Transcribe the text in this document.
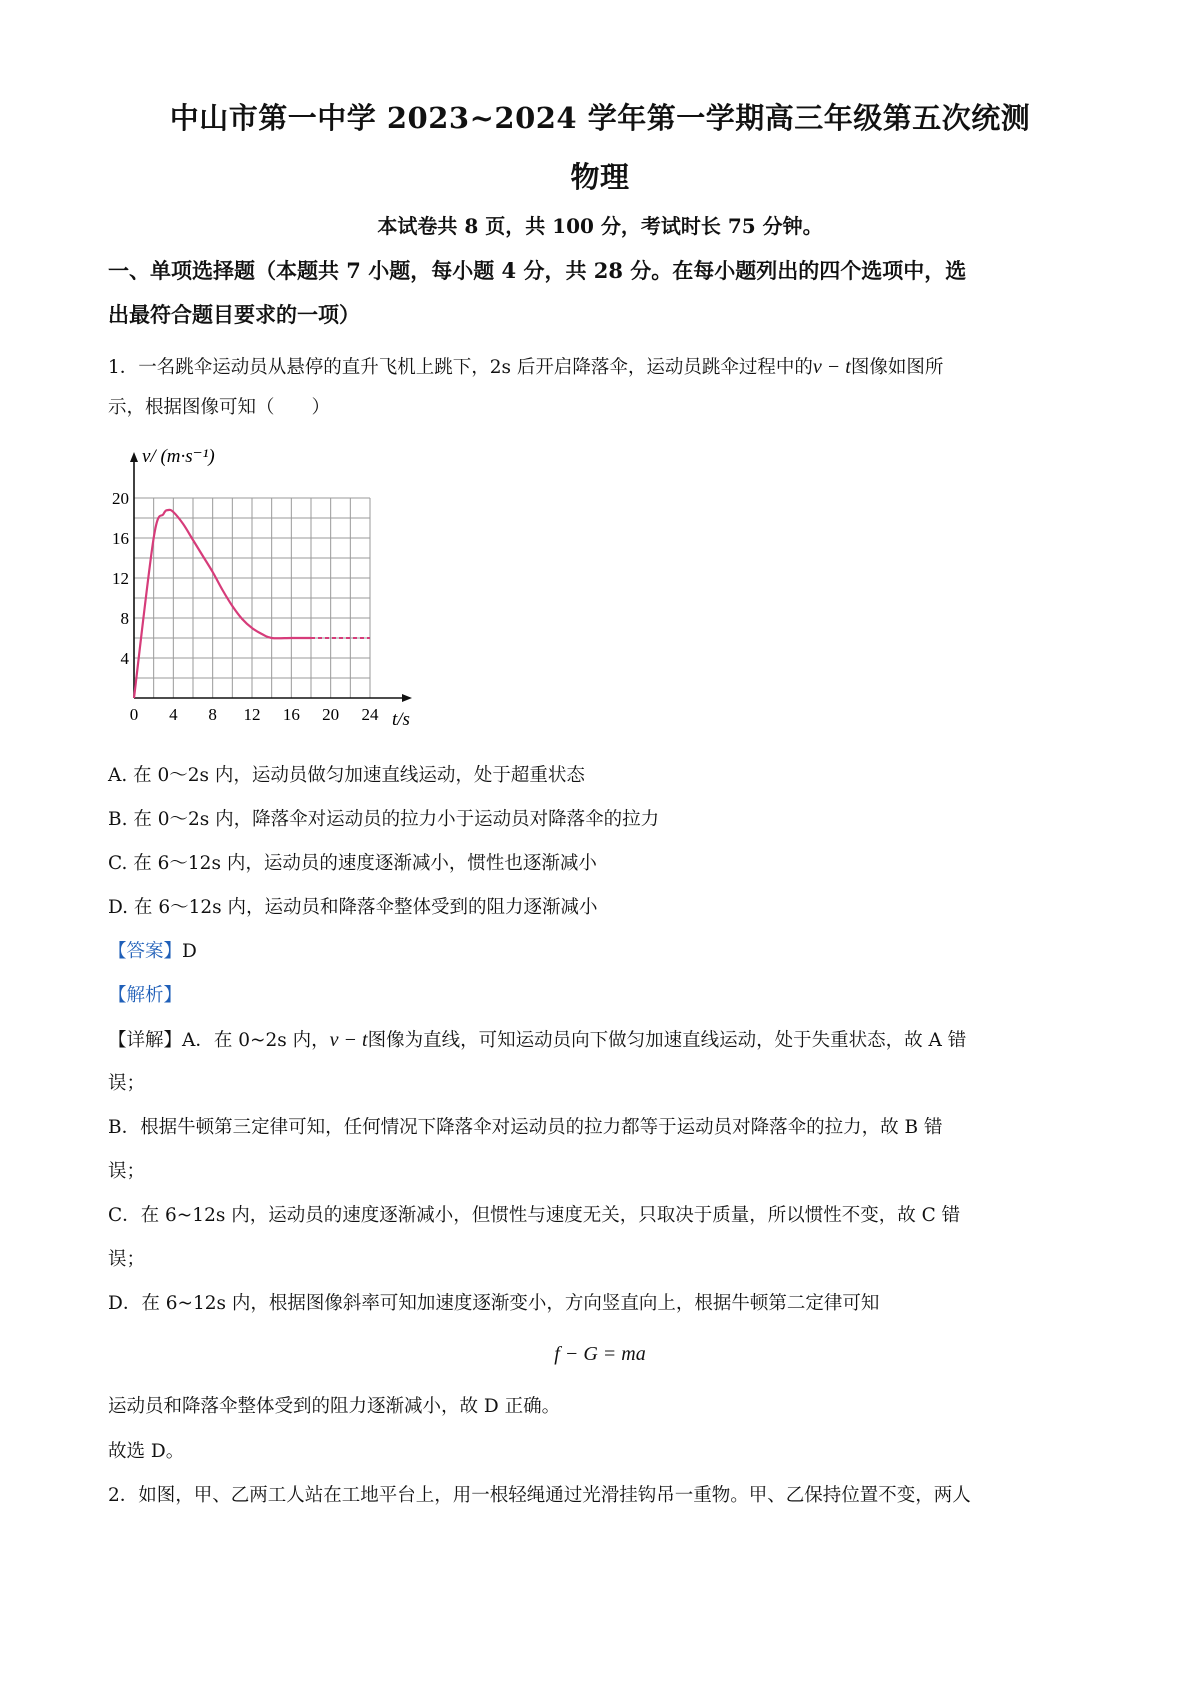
中山市第一中学 2023~2024 学年第一学期高三年级第五次统测
物理
本试卷共 8 页，共 100 分，考试时长 75 分钟。
一、单项选择题（本题共 7 小题，每小题 4 分，共 28 分。在每小题列出的四个选项中，选
出最符合题目要求的一项）
1．一名跳伞运动员从悬停的直升飞机上跳下，2s 后开启降落伞，运动员跳伞过程中的v − t图像如图所
示，根据图像可知（　　）
0 4 8 12 16 20 24
4
8
12
16
20
v/ (m·s⁻¹)
t/s
A. 在 0～2s 内，运动员做匀加速直线运动，处于超重状态
B. 在 0～2s 内，降落伞对运动员的拉力小于运动员对降落伞的拉力
C. 在 6～12s 内，运动员的速度逐渐减小，惯性也逐渐减小
D. 在 6～12s 内，运动员和降落伞整体受到的阻力逐渐减小
【答案】D
【解析】
【详解】A．在 0~2s 内，v − t图像为直线，可知运动员向下做匀加速直线运动，处于失重状态，故 A 错
误；
B．根据牛顿第三定律可知，任何情况下降落伞对运动员的拉力都等于运动员对降落伞的拉力，故 B 错
误；
C．在 6~12s 内，运动员的速度逐渐减小，但惯性与速度无关，只取决于质量，所以惯性不变，故 C 错
误；
D．在 6~12s 内，根据图像斜率可知加速度逐渐变小，方向竖直向上，根据牛顿第二定律可知
f − G = ma
运动员和降落伞整体受到的阻力逐渐减小，故 D 正确。
故选 D。
2．如图，甲、乙两工人站在工地平台上，用一根轻绳通过光滑挂钩吊一重物。甲、乙保持位置不变，两人
